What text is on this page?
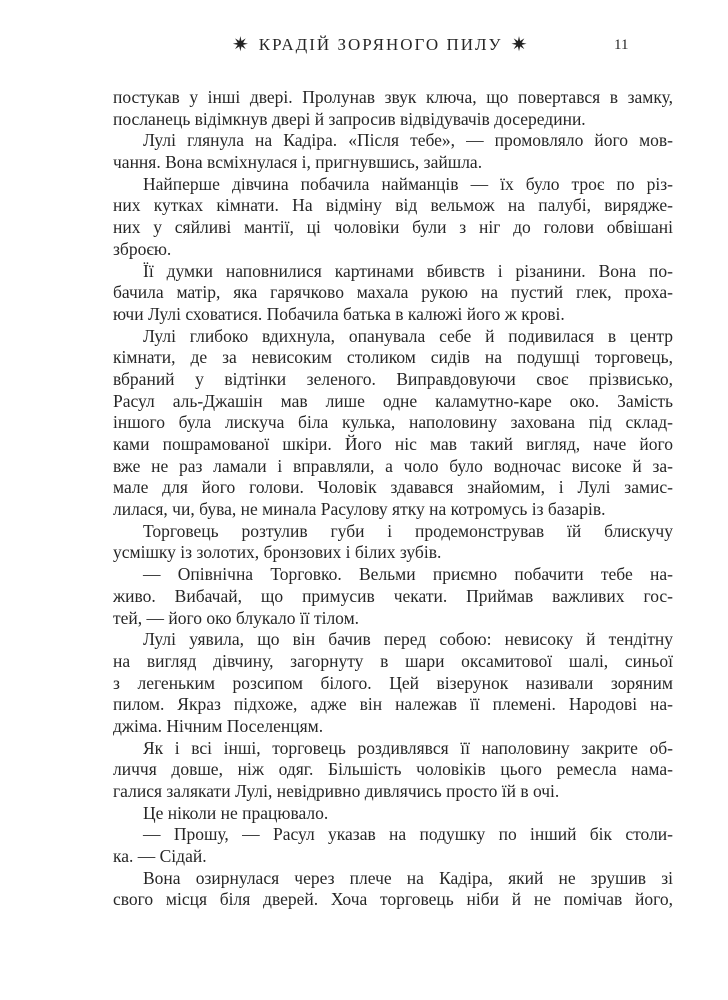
✷ КРАДІЙ ЗОРЯНОГО ПИЛУ ✷	11
постукав у інші двері. Пролунав звук ключа, що повертався в замку,
посланець відімкнув двері й запросив відвідувачів досередини.
Лулі глянула на Кадіра. «Після тебе», — промовляло його мов-
чання. Вона всміхнулася і, пригнувшись, зайшла.
Найперше дівчина побачила найманців — їх було троє по різ-
них кутках кімнати. На відміну від вельмож на палубі, вирядже-
них у сяйливі мантії, ці чоловіки були з ніг до голови обвішані
зброєю.
Її думки наповнилися картинами вбивств і різанини. Вона по-
бачила матір, яка гарячково махала рукою на пустий глек, проха-
ючи Лулі сховатися. Побачила батька в калюжі його ж крові.
Лулі глибоко вдихнула, опанувала себе й подивилася в центр
кімнати, де за невисоким столиком сидів на подушці торговець,
вбраний у відтінки зеленого. Виправдовуючи своє прізвисько,
Расул аль-Джашін мав лише одне каламутно-каре око. Замість
іншого була лискуча біла кулька, наполовину захована під склад-
ками пошрамованої шкіри. Його ніс мав такий вигляд, наче його
вже не раз ламали і вправляли, а чоло було водночас високе й за-
мале для його голови. Чоловік здавався знайомим, і Лулі замис-
лилася, чи, бува, не минала Расулову ятку на котромусь із базарів.
Торговець розтулив губи і продемонстрував їй блискучу
усмішку із золотих, бронзових і білих зубів.
— Опівнічна Торговко. Вельми приємно побачити тебе на-
живо. Вибачай, що примусив чекати. Приймав важливих гос-
тей, — його око блукало її тілом.
Лулі уявила, що він бачив перед собою: невисоку й тендітну
на вигляд дівчину, загорнуту в шари оксамитової шалі, синьої
з легеньким розсипом білого. Цей візерунок називали зоряним
пилом. Якраз підхоже, адже він належав її племені. Народові на-
джіма. Нічним Поселенцям.
Як і всі інші, торговець роздивлявся її наполовину закрите об-
личчя довше, ніж одяг. Більшість чоловіків цього ремесла нама-
галися залякати Лулі, невідривно дивлячись просто їй в очі.
Це ніколи не працювало.
— Прошу, — Расул указав на подушку по інший бік столи-
ка. — Сідай.
Вона озирнулася через плече на Кадіра, який не зрушив зі
свого місця біля дверей. Хоча торговець ніби й не помічав його,
